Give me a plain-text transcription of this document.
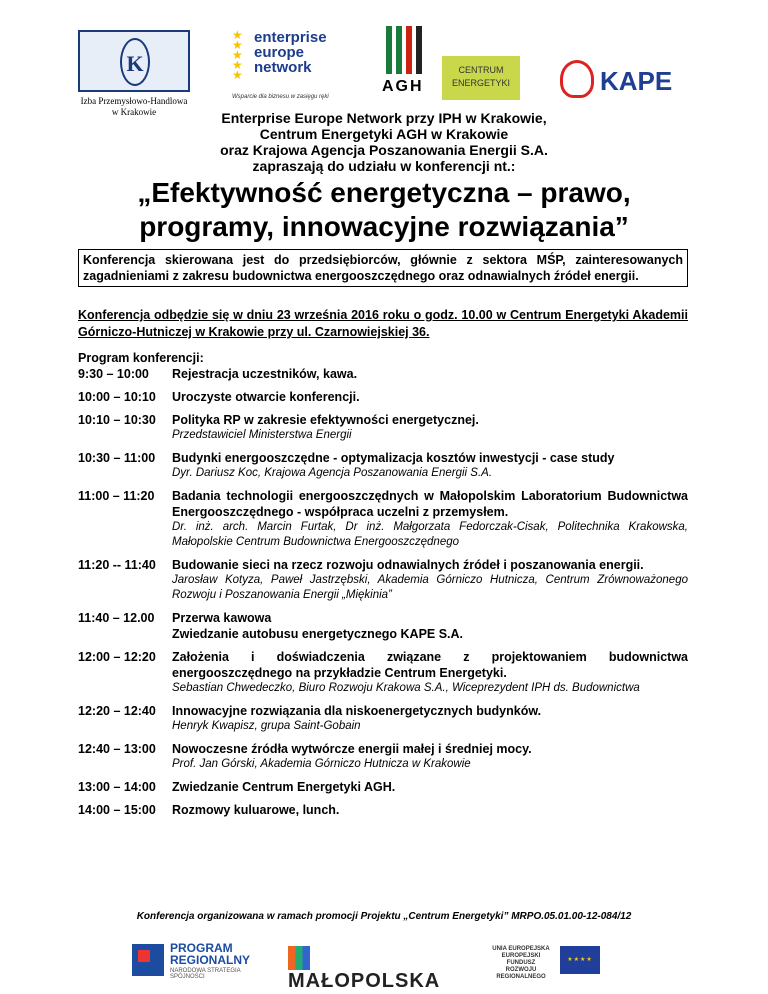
K
Izba Przemysłowo-Handlowa
w Krakowie
★
★
★
★
★
enterprise
europe
network
Wsparcie dla biznesu w zasięgu ręki
AGH
CENTRUM
ENERGETYKI	KAPE
Enterprise Europe Network przy IPH w Krakowie,
Centrum Energetyki AGH w Krakowie
oraz Krajowa Agencja Poszanowania Energii S.A.
zapraszają do udziału w konferencji nt.:
„Efektywność energetyczna – prawo,
programy, innowacyjne rozwiązania”
Konferencja skierowana jest do przedsiębiorców, głównie z sektora MŚP, zainteresowanych zagadnieniami z zakresu budownictwa energooszczędnego oraz odnawialnych źródeł energii.
Konferencja odbędzie się w dniu 23 września 2016 roku o godz. 10.00 w Centrum Energetyki Akademii Górniczo-Hutniczej w Krakowie przy ul. Czarnowiejskiej 36.
Program konferencji:
9:30 – 10:00	Rejestracja uczestników, kawa.
10:00 – 10:10	Uroczyste otwarcie konferencji.
10:10 – 10:30	Polityka RP w zakresie efektywności energetycznej.
Przedstawiciel Ministerstwa Energii
10:30 – 11:00	Budynki energooszczędne - optymalizacja kosztów inwestycji - case study
Dyr. Dariusz Koc, Krajowa Agencja Poszanowania Energii S.A.
11:00 – 11:20	Badania technologii energooszczędnych w Małopolskim Laboratorium Budownictwa Energooszczędnego - współpraca uczelni z przemysłem.
Dr. inż. arch. Marcin Furtak, Dr inż. Małgorzata Fedorczak-Cisak, Politechnika Krakowska, Małopolskie Centrum Budownictwa Energooszczędnego
11:20 -- 11:40	Budowanie sieci na rzecz rozwoju odnawialnych źródeł i poszanowania energii.
Jarosław Kotyza, Paweł Jastrzębski, Akademia Górniczo Hutnicza, Centrum Zrównoważonego Rozwoju i Poszanowania Energii „Miękinia”
11:40 – 12.00	Przerwa kawowa
Zwiedzanie autobusu energetycznego KAPE S.A.
12:00 – 12:20	Założenia i doświadczenia związane z projektowaniem budownictwa energooszczędnego na przykładzie Centrum Energetyki.
Sebastian Chwedeczko, Biuro Rozwoju Krakowa S.A., Wiceprezydent IPH ds. Budownictwa
12:20 – 12:40	Innowacyjne rozwiązania dla niskoenergetycznych budynków.
Henryk Kwapisz, grupa Saint-Gobain
12:40 – 13:00	Nowoczesne źródła wytwórcze energii małej i średniej mocy.
Prof. Jan Górski, Akademia Górniczo Hutnicza w Krakowie
13:00 – 14:00	Zwiedzanie Centrum Energetyki AGH.
14:00 – 15:00	Rozmowy kuluarowe, lunch.
Konferencja organizowana w ramach promocji Projektu „Centrum Energetyki” MRPO.05.01.00-12-084/12
PROGRAM
REGIONALNY
NARODOWA STRATEGIA SPÓJNOŚCI	MAŁOPOLSKA
UNIA EUROPEJSKA
EUROPEJSKI FUNDUSZ
ROZWOJU REGIONALNEGO
★★★★
